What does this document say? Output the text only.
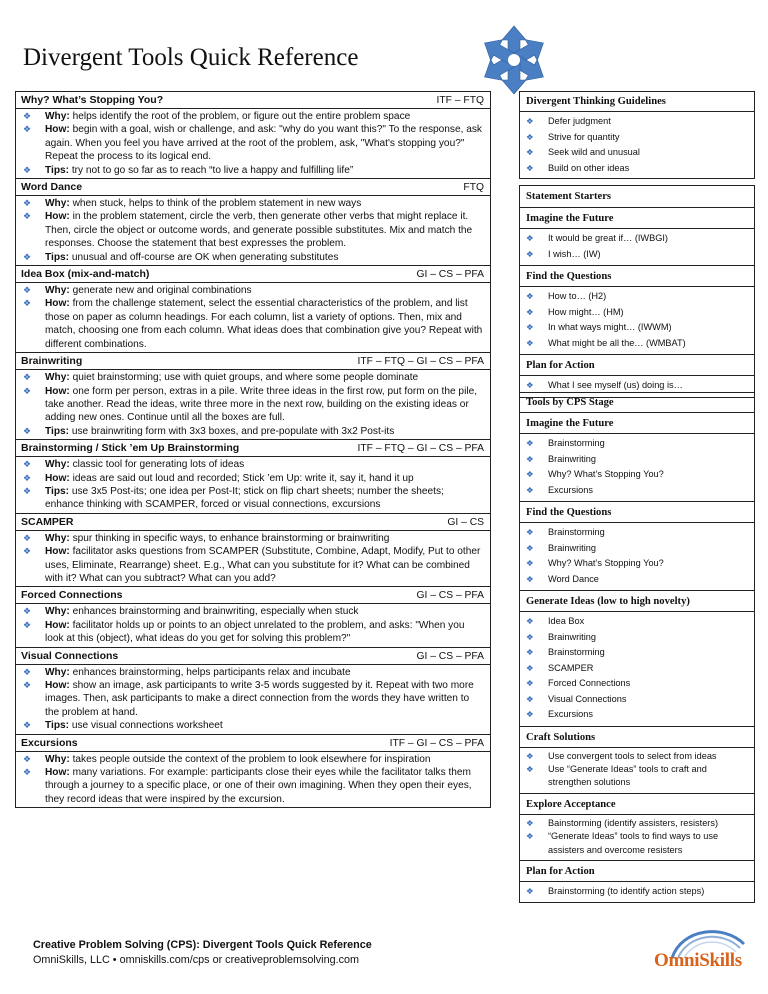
Divergent Tools Quick Reference
Why? What’s Stopping You?	ITF – FTQ
❖	Why: helps identify the root of the problem, or figure out the entire problem space
❖	How: begin with a goal, wish or challenge, and ask: "why do you want this?" To the response, ask again. When you feel you have arrived at the root of the problem, ask, "What's stopping you?" Repeat the process to its logical end.
❖	Tips: try not to go so far as to reach “to live a happy and fulfilling life”
Word Dance	FTQ
❖	Why: when stuck, helps to think of the problem statement in new ways
❖	How: in the problem statement, circle the verb, then generate other verbs that might replace it. Then, circle the object or outcome words, and generate possible substitutes. Mix and match the responses. Choose the statement that best expresses the problem.
❖	Tips: unusual and off-course are OK when generating substitutes
Idea Box (mix-and-match)	GI – CS – PFA
❖	Why: generate new and original combinations
❖	How: from the challenge statement, select the essential characteristics of the problem, and list those on paper as column headings. For each column, list a variety of options. Then, mix and match, choosing one from each column. What ideas does that combination give you? Repeat with different combinations.
Brainwriting	ITF – FTQ – GI – CS – PFA
❖	Why: quiet brainstorming; use with quiet groups, and where some people dominate
❖	How: one form per person, extras in a pile. Write three ideas in the first row, put form on the pile, take another. Read the ideas, write three more in the next row, building on the existing ideas or adding new ones. Continue until all the boxes are full.
❖	Tips: use brainwriting form with 3x3 boxes, and pre-populate with 3x2 Post-its
Brainstorming / Stick ’em Up Brainstorming	ITF – FTQ – GI – CS – PFA
❖	Why: classic tool for generating lots of ideas
❖	How: ideas are said out loud and recorded; Stick ’em Up: write it, say it, hand it up
❖	Tips: use 3x5 Post-its; one idea per Post-It; stick on flip chart sheets; number the sheets; enhance thinking with SCAMPER, forced or visual connections, excursions
SCAMPER	GI – CS
❖	Why: spur thinking in specific ways, to enhance brainstorming or brainwriting
❖	How: facilitator asks questions from SCAMPER (Substitute, Combine, Adapt, Modify, Put to other uses, Eliminate, Rearrange) sheet. E.g., What can you substitute for it? What can be combined with it? What can you subtract? What can you add?
Forced Connections	GI – CS – PFA
❖	Why: enhances brainstorming and brainwriting, especially when stuck
❖	How: facilitator holds up or points to an object unrelated to the problem, and asks: "When you look at this (object), what ideas do you get for solving this problem?"
Visual Connections	GI – CS – PFA
❖	Why: enhances brainstorming, helps participants relax and incubate
❖	How: show an image, ask participants to write 3-5 words suggested by it. Repeat with two more images. Then, ask participants to make a direct connection from the words they have written to the problem at hand.
❖	Tips: use visual connections worksheet
Excursions	ITF – GI – CS – PFA
❖	Why: takes people outside the context of the problem to look elsewhere for inspiration
❖	How: many variations. For example: participants close their eyes while the facilitator talks them through a journey to a specific place, or one of their own imagining. When they open their eyes, they record ideas that were inspired by the excursion.
Divergent Thinking Guidelines
❖	Defer judgment
❖	Strive for quantity
❖	Seek wild and unusual
❖	Build on other ideas
Statement Starters
Imagine the Future
❖	It would be great if… (IWBGI)
❖	I wish… (IW)
Find the Questions
❖	How to… (H2)
❖	How might… (HM)
❖	In what ways might… (IWWM)
❖	What might be all the… (WMBAT)
Plan for Action
❖	What I see myself (us) doing is…
Tools by CPS Stage
Imagine the Future
❖	Brainstorming
❖	Brainwriting
❖	Why? What’s Stopping You?
❖	Excursions
Find the Questions
❖	Brainstorming
❖	Brainwriting
❖	Why? What’s Stopping You?
❖	Word Dance
Generate Ideas (low to high novelty)
❖	Idea Box
❖	Brainwriting
❖	Brainstorming
❖	SCAMPER
❖	Forced Connections
❖	Visual Connections
❖	Excursions
Craft Solutions
❖	Use convergent tools to select from ideas
❖	Use “Generate Ideas” tools to craft and strengthen solutions
Explore Acceptance
❖	Bainstorming (identify assisters, resisters)
❖	“Generate Ideas” tools to find ways to use assisters and overcome resisters
Plan for Action
❖	Brainstorming (to identify action steps)
Creative Problem Solving (CPS): Divergent Tools Quick Reference
OmniSkills, LLC • omniskills.com/cps or creativeproblemsolving.com	OmniSkills
